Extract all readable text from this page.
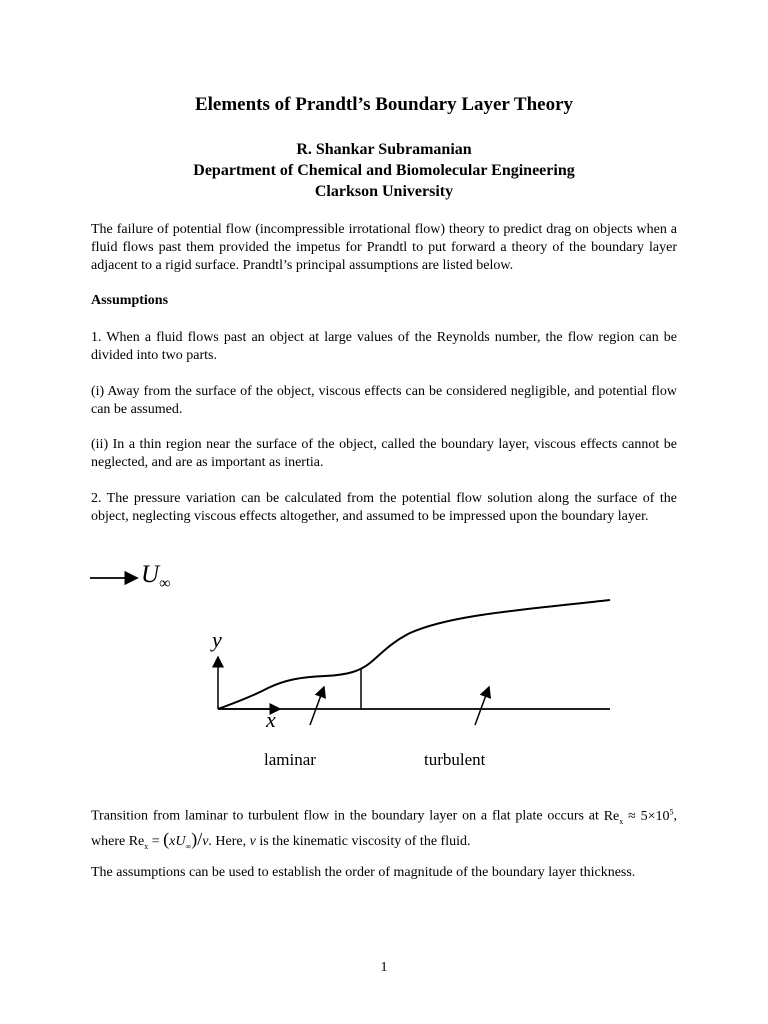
Elements of Prandtl’s Boundary Layer Theory
R. Shankar Subramanian
Department of Chemical and Biomolecular Engineering
Clarkson University
The failure of potential flow (incompressible irrotational flow) theory to predict drag on objects when a fluid flows past them provided the impetus for Prandtl to put forward a theory of the boundary layer adjacent to a rigid surface. Prandtl’s principal assumptions are listed below.
Assumptions
1. When a fluid flows past an object at large values of the Reynolds number, the flow region can be divided into two parts.
(i) Away from the surface of the object, viscous effects can be considered negligible, and potential flow can be assumed.
(ii) In a thin region near the surface of the object, called the boundary layer, viscous effects cannot be neglected, and are as important as inertia.
2. The pressure variation can be calculated from the potential flow solution along the surface of the object, neglecting viscous effects altogether, and assumed to be impressed upon the boundary layer.
$U_\infty$
y
x
laminar	turbulent
Transition from laminar to turbulent flow in the boundary layer on a flat plate occurs at $Re_x \approx 5\times 10^5$, where $Re_x = (xU_\infty)/\nu$. Here, ν is the kinematic viscosity of the fluid.
The assumptions can be used to establish the order of magnitude of the boundary layer thickness.
1
